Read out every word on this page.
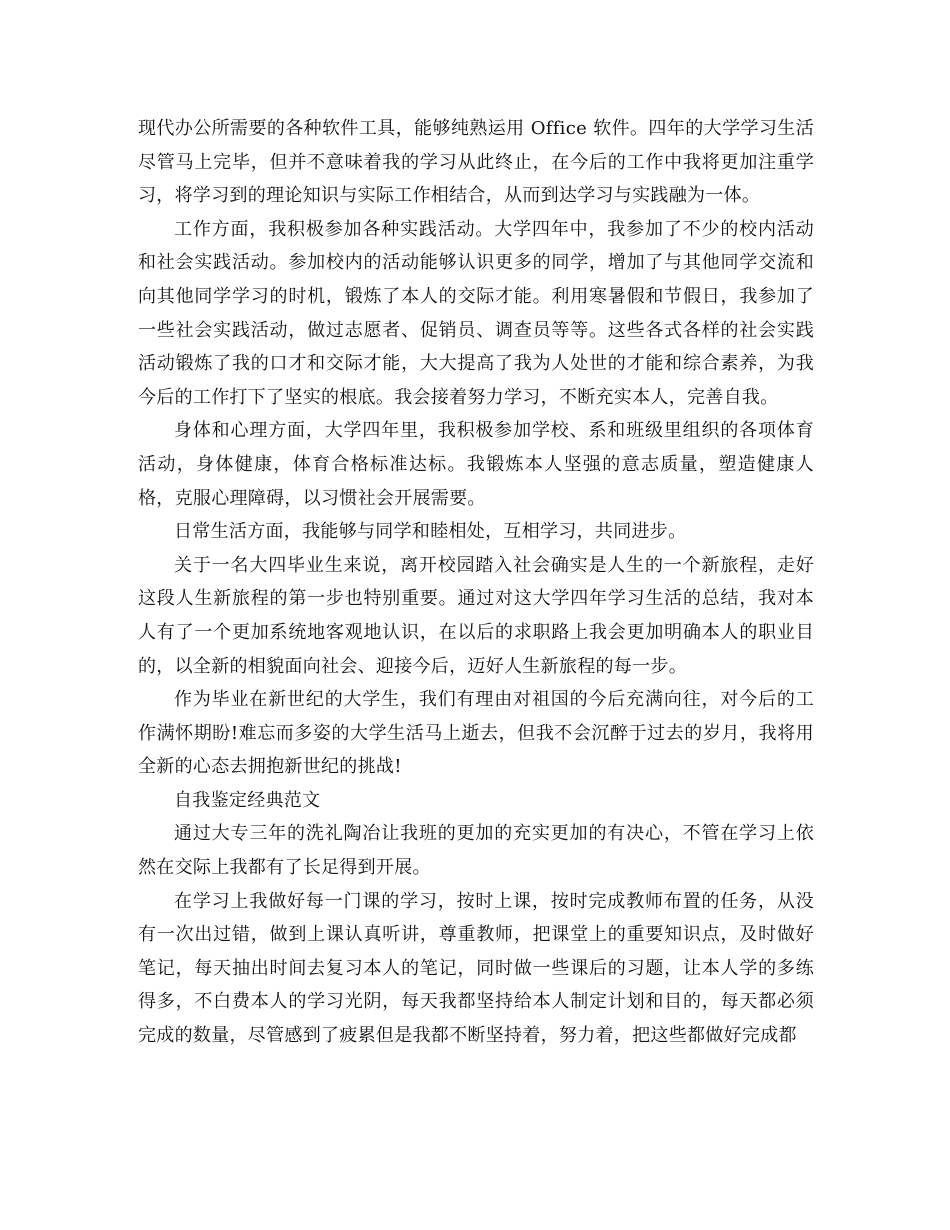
现代办公所需要的各种软件工具，能够纯熟运用 Office 软件。四年的大学学习生活尽管马上完毕，但并不意味着我的学习从此终止，在今后的工作中我将更加注重学习，将学习到的理论知识与实际工作相结合，从而到达学习与实践融为一体。

工作方面，我积极参加各种实践活动。大学四年中，我参加了不少的校内活动和社会实践活动。参加校内的活动能够认识更多的同学，增加了与其他同学交流和向其他同学学习的时机，锻炼了本人的交际才能。利用寒暑假和节假日，我参加了一些社会实践活动，做过志愿者、促销员、调查员等等。这些各式各样的社会实践活动锻炼了我的口才和交际才能，大大提高了我为人处世的才能和综合素养，为我今后的工作打下了坚实的根底。我会接着努力学习，不断充实本人，完善自我。

身体和心理方面，大学四年里，我积极参加学校、系和班级里组织的各项体育活动，身体健康，体育合格标准达标。我锻炼本人坚强的意志质量，塑造健康人格，克服心理障碍，以习惯社会开展需要。

日常生活方面，我能够与同学和睦相处，互相学习，共同进步。

关于一名大四毕业生来说，离开校园踏入社会确实是人生的一个新旅程，走好这段人生新旅程的第一步也特别重要。通过对这大学四年学习生活的总结，我对本人有了一个更加系统地客观地认识，在以后的求职路上我会更加明确本人的职业目的，以全新的相貌面向社会、迎接今后，迈好人生新旅程的每一步。

作为毕业在新世纪的大学生，我们有理由对祖国的今后充满向往，对今后的工作满怀期盼!难忘而多姿的大学生活马上逝去，但我不会沉醉于过去的岁月，我将用全新的心态去拥抱新世纪的挑战!

自我鉴定经典范文

通过大专三年的洗礼陶冶让我班的更加的充实更加的有决心，不管在学习上依然在交际上我都有了长足得到开展。

在学习上我做好每一门课的学习，按时上课，按时完成教师布置的任务，从没有一次出过错，做到上课认真听讲，尊重教师，把课堂上的重要知识点，及时做好笔记，每天抽出时间去复习本人的笔记，同时做一些课后的习题，让本人学的多练得多，不白费本人的学习光阴，每天我都坚持给本人制定计划和目的，每天都必须完成的数量，尽管感到了疲累但是我都不断坚持着，努力着，把这些都做好完成都
